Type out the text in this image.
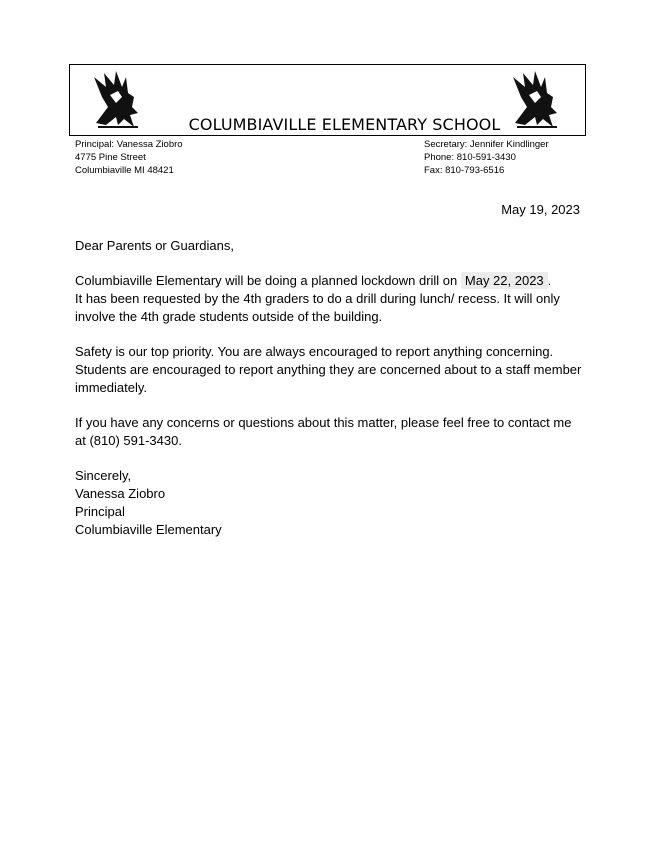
COLUMBIAVILLE ELEMENTARY SCHOOL
Principal: Vanessa Ziobro
4775 Pine Street
Columbiaville MI 48421
Secretary: Jennifer Kindlinger
Phone: 810-591-3430
Fax: 810-793-6516
May 19, 2023

Dear Parents or Guardians,

Columbiaville Elementary will be doing a planned lockdown drill on May 22, 2023 .
It has been requested by the 4th graders to do a drill during lunch/ recess. It will only involve the 4th grade students outside of the building.

Safety is our top priority. You are always encouraged to report anything concerning. Students are encouraged to report anything they are concerned about to a staff member immediately.

If you have any concerns or questions about this matter, please feel free to contact me at (810) 591-3430.

Sincerely,
Vanessa Ziobro
Principal
Columbiaville Elementary
